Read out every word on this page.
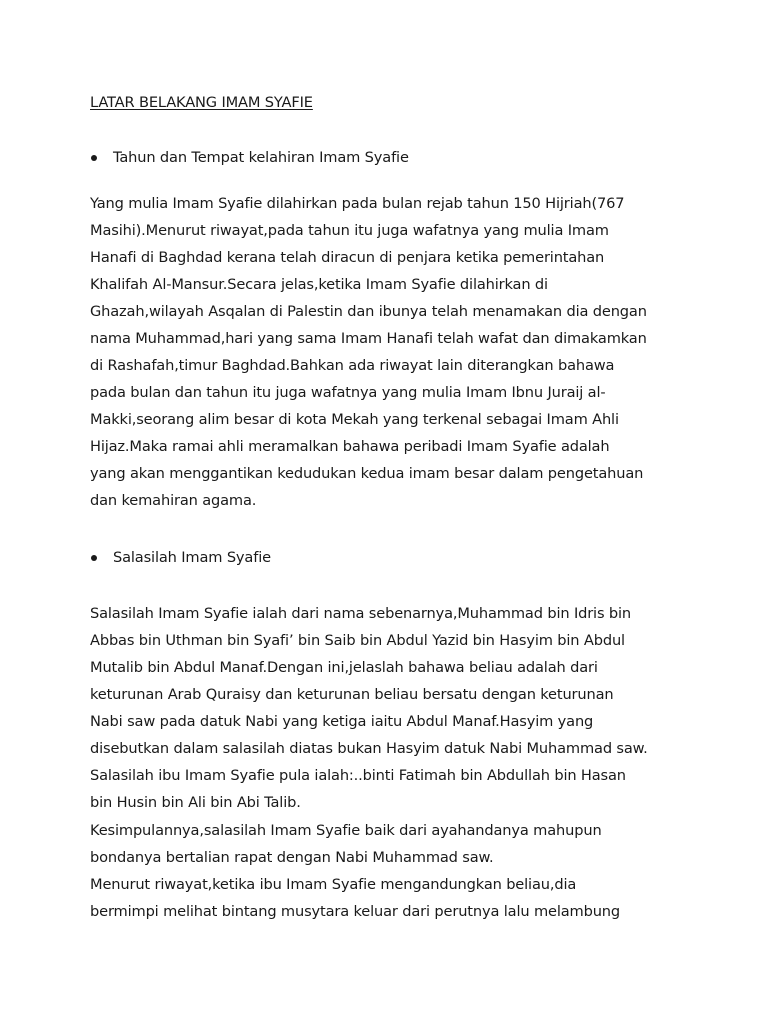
LATAR BELAKANG IMAM SYAFIE
Tahun dan Tempat kelahiran Imam Syafie
Yang mulia Imam Syafie dilahirkan pada bulan rejab tahun 150 Hijriah(767
Masihi).Menurut riwayat,pada tahun itu juga wafatnya yang mulia Imam
Hanafi di Baghdad kerana telah diracun di penjara ketika pemerintahan
Khalifah Al-Mansur.Secara jelas,ketika Imam Syafie dilahirkan di
Ghazah,wilayah Asqalan di Palestin dan ibunya telah menamakan dia dengan
nama Muhammad,hari yang sama Imam Hanafi telah wafat dan dimakamkan
di Rashafah,timur Baghdad.Bahkan ada riwayat lain diterangkan bahawa
pada bulan dan tahun itu juga wafatnya yang mulia Imam Ibnu Juraij al-
Makki,seorang alim besar di kota Mekah yang terkenal sebagai Imam Ahli
Hijaz.Maka ramai ahli meramalkan bahawa peribadi Imam Syafie adalah
yang akan menggantikan kedudukan kedua imam besar dalam pengetahuan
dan kemahiran agama.
Salasilah Imam Syafie
Salasilah Imam Syafie ialah dari nama sebenarnya,Muhammad bin Idris bin
Abbas bin Uthman bin Syafi’ bin Saib bin Abdul Yazid bin Hasyim bin Abdul
Mutalib bin Abdul Manaf.Dengan ini,jelaslah bahawa beliau adalah dari
keturunan Arab Quraisy dan keturunan beliau bersatu dengan keturunan
Nabi saw pada datuk Nabi yang ketiga iaitu Abdul Manaf.Hasyim yang
disebutkan dalam salasilah diatas bukan Hasyim datuk Nabi Muhammad saw.
Salasilah ibu Imam Syafie pula ialah:..binti Fatimah bin Abdullah bin Hasan
bin Husin bin Ali bin Abi Talib.
Kesimpulannya,salasilah Imam Syafie baik dari ayahandanya mahupun
bondanya bertalian rapat dengan Nabi Muhammad saw.
Menurut riwayat,ketika ibu Imam Syafie mengandungkan beliau,dia
bermimpi melihat bintang musytara keluar dari perutnya lalu melambung
